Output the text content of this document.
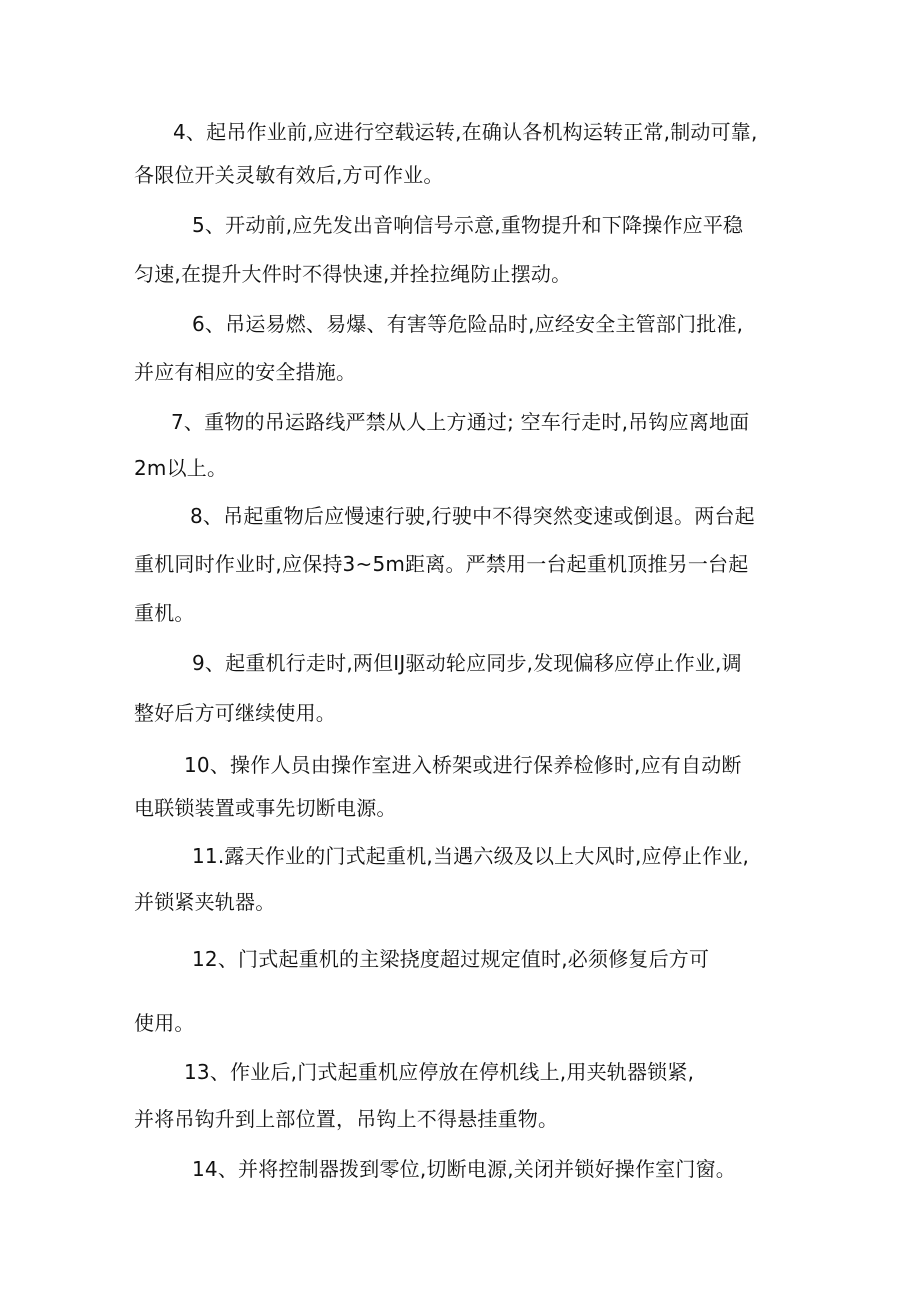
4、起吊作业前,应进行空载运转,在确认各机构运转正常,制动可靠,
各限位开关灵敏有效后,方可作业。
5、开动前,应先发出音响信号示意,重物提升和下降操作应平稳
匀速,在提升大件时不得快速,并拴拉绳防止摆动。
6、吊运易燃、易爆、有害等危险品时,应经安全主管部门批准,
并应有相应的安全措施。
7、重物的吊运路线严禁从人上方通过; 空车行走时,吊钩应离地面
2m以上。
8、吊起重物后应慢速行驶,行驶中不得突然变速或倒退。两台起
重机同时作业时,应保持3~5m距离。严禁用一台起重机顶推另一台起
重机。
9、起重机行走时,两但IJ驱动轮应同步,发现偏移应停止作业,调
整好后方可继续使用。
10、操作人员由操作室进入桥架或进行保养检修时,应有自动断
电联锁装置或事先切断电源。
11.露天作业的门式起重机,当遇六级及以上大风时,应停止作业,
并锁紧夹轨器。
12、门式起重机的主梁挠度超过规定值时,必须修复后方可
使用。
13、作业后,门式起重机应停放在停机线上,用夹轨器锁紧,
并将吊钩升到上部位置，吊钩上不得悬挂重物。
14、并将控制器拨到零位,切断电源,关闭并锁好操作室门窗。
